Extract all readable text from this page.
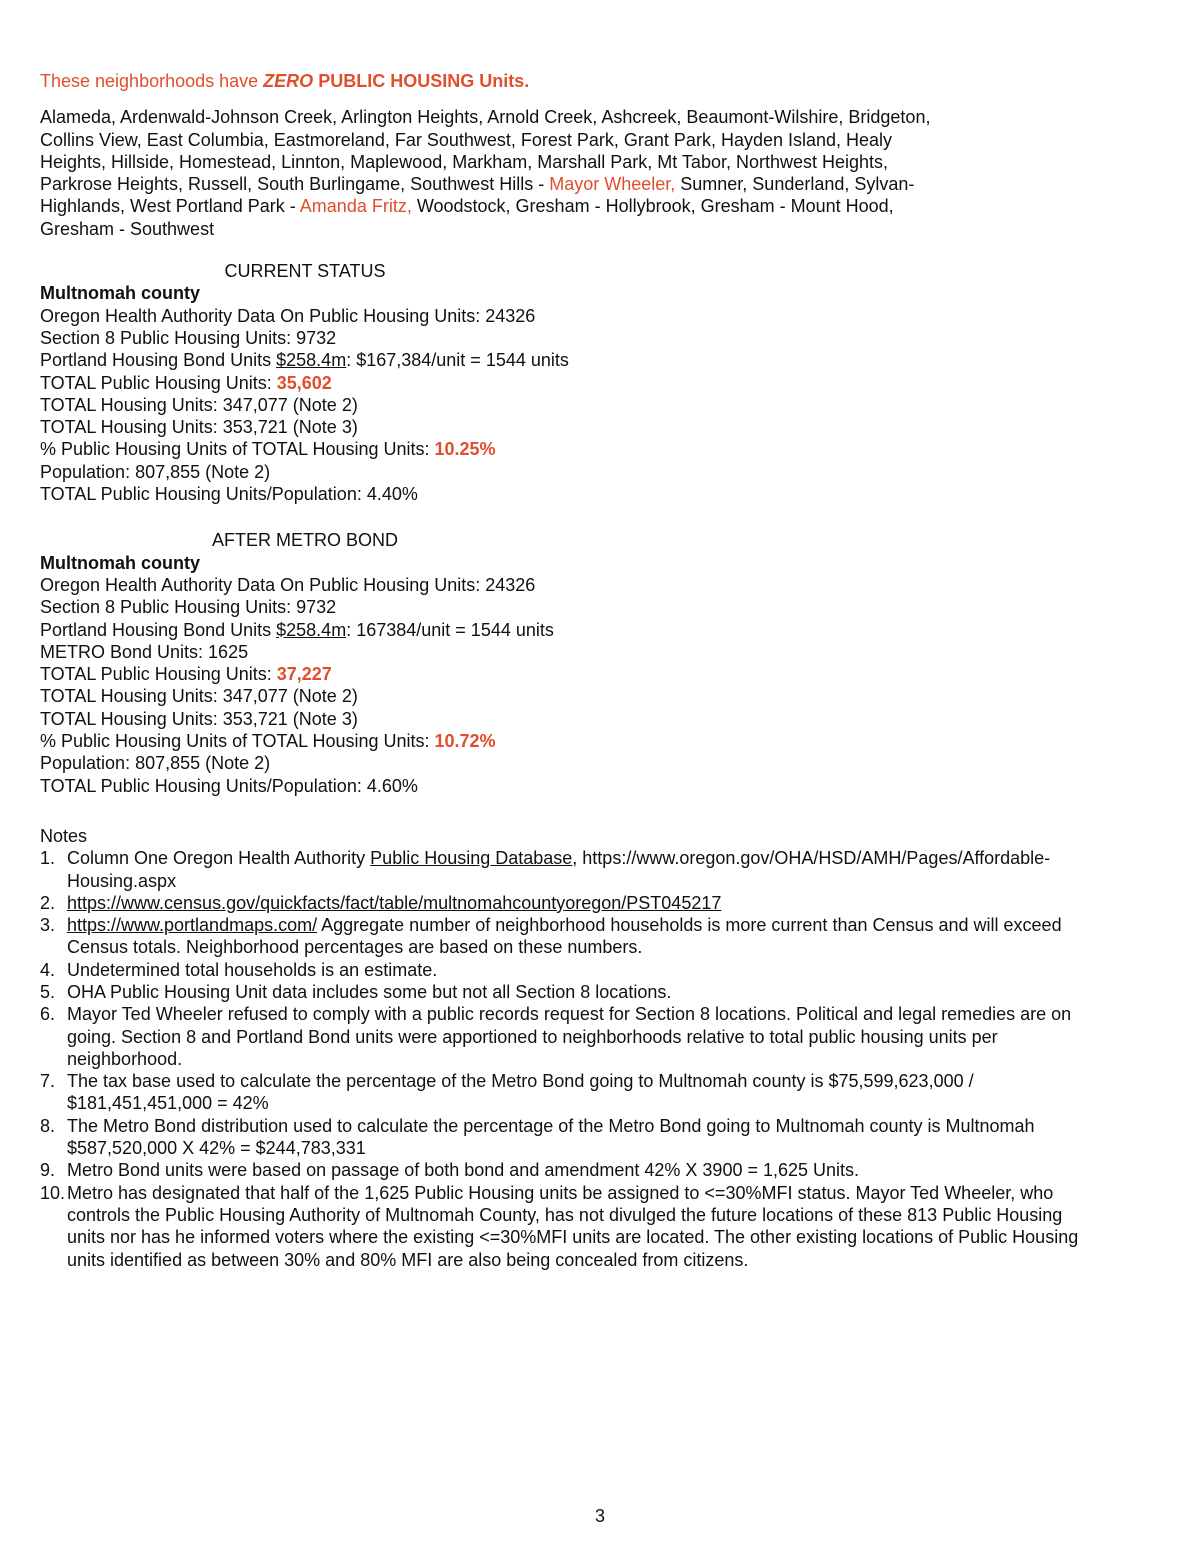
These neighborhoods have ZERO PUBLIC HOUSING Units.

Alameda, Ardenwald-Johnson Creek, Arlington Heights, Arnold Creek, Ashcreek, Beaumont-Wilshire, Bridgeton,
Collins View, East Columbia, Eastmoreland, Far Southwest, Forest Park, Grant Park, Hayden Island, Healy
Heights, Hillside, Homestead, Linnton, Maplewood, Markham, Marshall Park, Mt Tabor, Northwest Heights,
Parkrose Heights, Russell, South Burlingame, Southwest Hills - Mayor Wheeler, Sumner, Sunderland, Sylvan-
Highlands, West Portland Park - Amanda Fritz, Woodstock, Gresham - Hollybrook, Gresham - Mount Hood,
Gresham - Southwest

CURRENT STATUS
Multnomah county
Oregon Health Authority Data On Public Housing Units: 24326
Section 8 Public Housing Units: 9732
Portland Housing Bond Units $258.4m: $167,384/unit = 1544 units
TOTAL Public Housing Units: 35,602
TOTAL Housing Units: 347,077 (Note 2)
TOTAL Housing Units: 353,721 (Note 3)
% Public Housing Units of TOTAL Housing Units: 10.25%
Population: 807,855 (Note 2)
TOTAL Public Housing Units/Population: 4.40%
AFTER METRO BOND
Multnomah county
Oregon Health Authority Data On Public Housing Units: 24326
Section 8 Public Housing Units: 9732
Portland Housing Bond Units $258.4m: 167384/unit = 1544 units
METRO Bond Units: 1625
TOTAL Public Housing Units: 37,227
TOTAL Housing Units: 347,077 (Note 2)
TOTAL Housing Units: 353,721 (Note 3)
% Public Housing Units of TOTAL Housing Units: 10.72%
Population: 807,855 (Note 2)
TOTAL Public Housing Units/Population: 4.60%

Notes

1. Column One Oregon Health Authority Public Housing Database, https://www.oregon.gov/OHA/HSD/AMH/Pages/Affordable-
Housing.aspx
2. https://www.census.gov/quickfacts/fact/table/multnomahcountyoregon/PST045217
3. https://www.portlandmaps.com/ Aggregate number of neighborhood households is more current than Census and will exceed
Census totals. Neighborhood percentages are based on these numbers.
4. Undetermined total households is an estimate.
5. OHA Public Housing Unit data includes some but not all Section 8 locations.
6. Mayor Ted Wheeler refused to comply with a public records request for Section 8 locations. Political and legal remedies are on
going. Section 8 and Portland Bond units were apportioned to neighborhoods relative to total public housing units per
neighborhood.
7. The tax base used to calculate the percentage of the Metro Bond going to Multnomah county is $75,599,623,000 /
$181,451,451,000 = 42%
8. The Metro Bond distribution used to calculate the percentage of the Metro Bond going to Multnomah county is Multnomah
$587,520,000 X 42% = $244,783,331
9. Metro Bond units were based on passage of both bond and amendment 42% X 3900 = 1,625 Units.
10. Metro has designated that half of the 1,625 Public Housing units be assigned to <=30%MFI status. Mayor Ted Wheeler, who
controls the Public Housing Authority of Multnomah County, has not divulged the future locations of these 813 Public Housing
units nor has he informed voters where the existing <=30%MFI units are located. The other existing locations of Public Housing
units identified as between 30% and 80% MFI are also being concealed from citizens.
3
